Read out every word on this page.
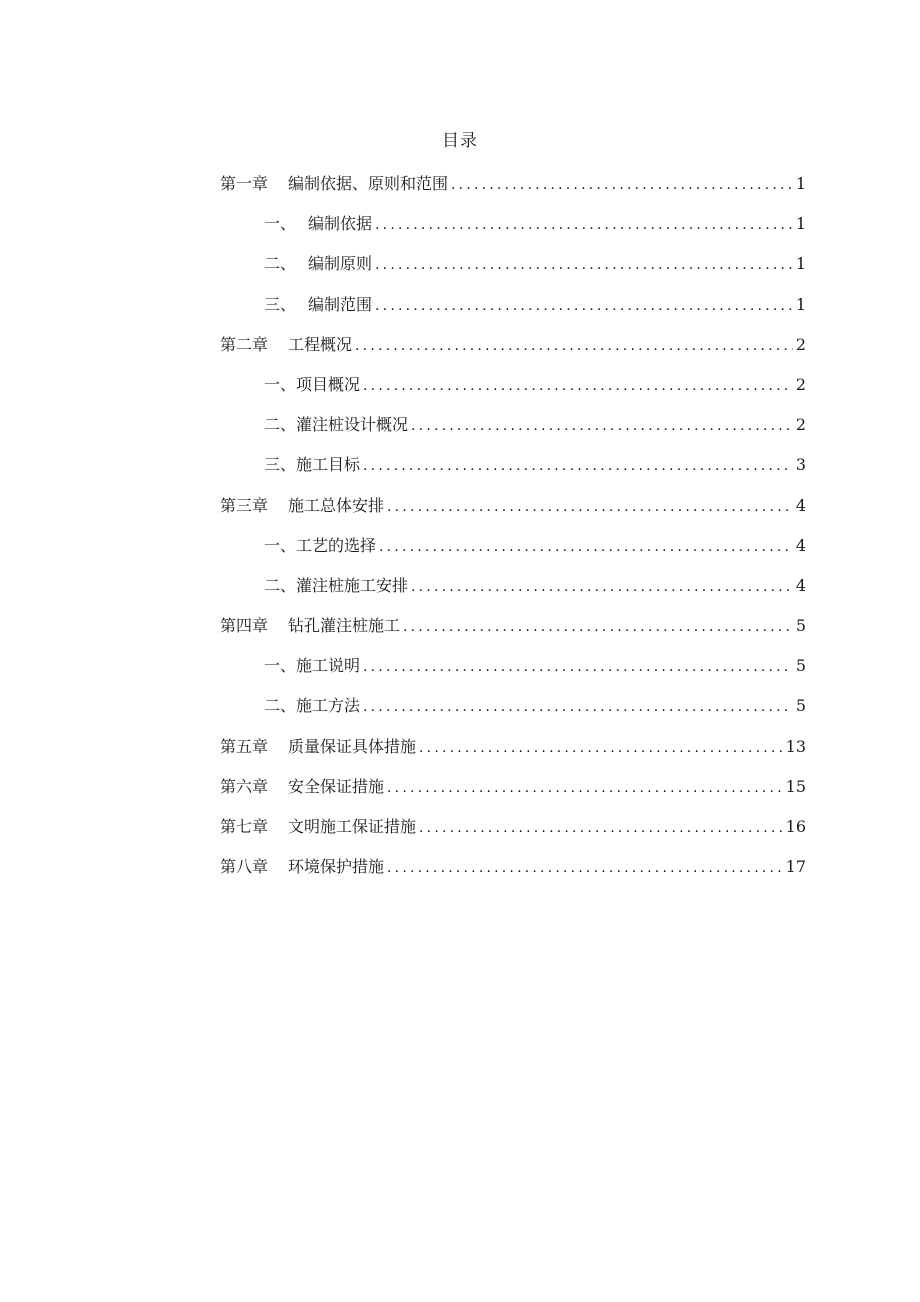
目录
第一章 编制依据、原则和范围 .....	1
一、 编制依据 .....	1
二、 编制原则 .....	1
三、 编制范围 .....	1
第二章 工程概况 .....	2
一、 项目概况 .....	2
二、 灌注桩设计概况 .....	2
三、 施工目标 .....	3
第三章 施工总体安排 .....	4
一、 工艺的选择 .....	4
二、 灌注桩施工安排 .....	4
第四章 钻孔灌注桩施工 .....	5
一、 施工说明 .....	5
二、 施工方法 .....	5
第五章 质量保证具体措施 .....	13
第六章 安全保证措施 .....	15
第七章 文明施工保证措施 .....	16
第八章 环境保护措施 .....	17
